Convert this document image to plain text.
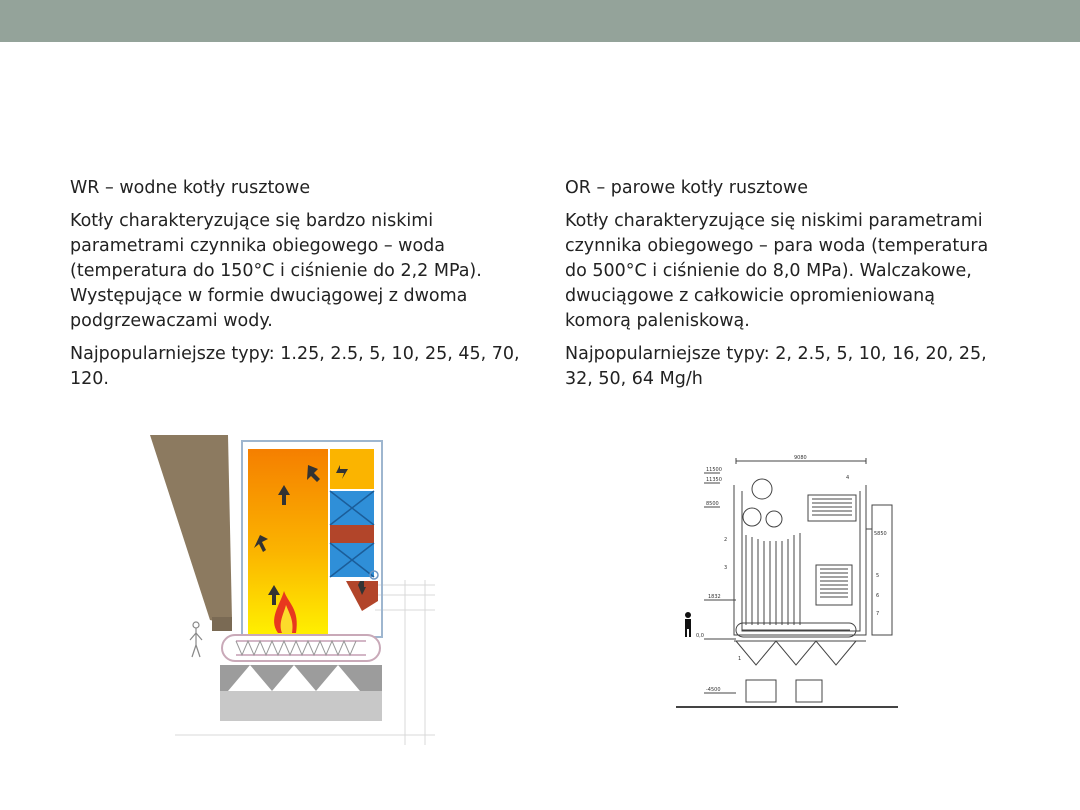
WR – wodne kotły rusztowe

Kotły charakteryzujące się bardzo niskimi parametrami czynnika obiegowego – woda (temperatura do 150°C i ciśnienie do 2,2 MPa). Występujące w formie dwuciągowej z dwoma podgrzewaczami wody.

Najpopularniejsze typy: 1.25, 2.5, 5, 10, 25, 45, 70, 120.

OR – parowe kotły rusztowe

Kotły charakteryzujące się niskimi parametrami czynnika obiegowego – para woda (temperatura do 500°C i ciśnienie do 8,0 MPa). Walczakowe, dwuciągowe z całkowicie opromieniowaną komorą paleniskową.

Najpopularniejsze typy: 2, 2.5, 5, 10, 16, 20, 25, 32, 50, 64 Mg/h

9080
11500
11350
8500
5850
1832
0,0
-4500
1
2
3
4
5
6
7
